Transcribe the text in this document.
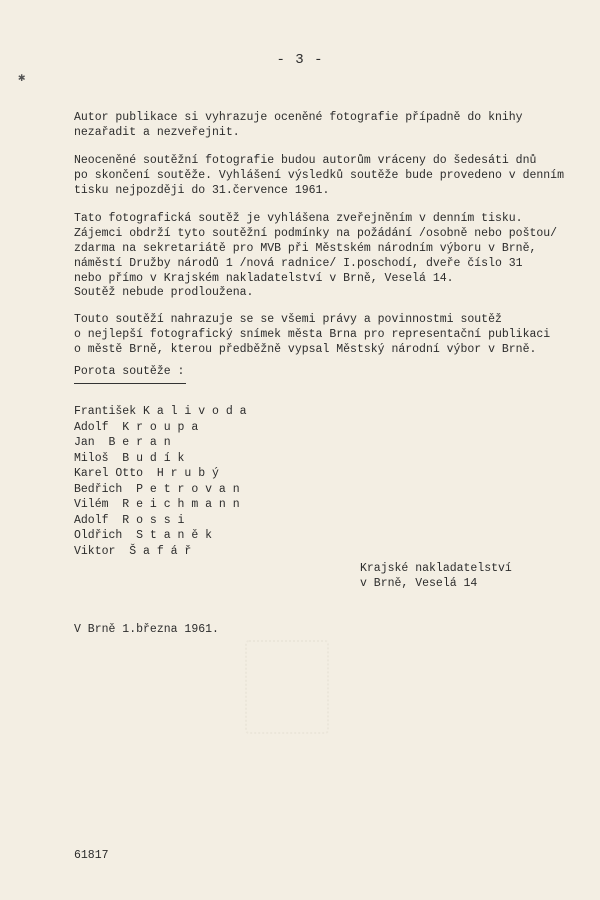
- 3 -
✱
Autor publikace si vyhrazuje oceněné fotografie případně do knihy
nezařadit a nezveřejnit.
Neoceněné soutěžní fotografie budou autorům vráceny do šedesáti dnů
po skončení soutěže. Vyhlášení výsledků soutěže bude provedeno v denním
tisku nejpozději do 31.července 1961.
Tato fotografická soutěž je vyhlášena zveřejněním v denním tisku.
Zájemci obdrží tyto soutěžní podmínky na požádání /osobně nebo poštou/
zdarma na sekretariátě pro MVB při Městském národním výboru v Brně,
náměstí Družby národů 1 /nová radnice/ I.poschodí, dveře číslo 31
nebo přímo v Krajském nakladatelství v Brně, Veselá 14.
Soutěž nebude prodloužena.
Touto soutěží nahrazuje se se všemi právy a povinnostmi soutěž
o nejlepší fotografický snímek města Brna pro representační publikaci
o městě Brně, kterou předběžně vypsal Městský národní výbor v Brně.
Porota soutěže :
František K a l i v o d a
Adolf  K r o u p a
Jan  B e r a n
Miloš  B u d í k
Karel Otto  H r u b ý
Bedřich  P e t r o v a n
Vilém  R e i c h m a n n
Adolf  R o s s i
Oldřich  S t a n ě k
Viktor  Š a f á ř
Krajské nakladatelství
v Brně, Veselá 14
V Brně 1.března 1961.
61817
